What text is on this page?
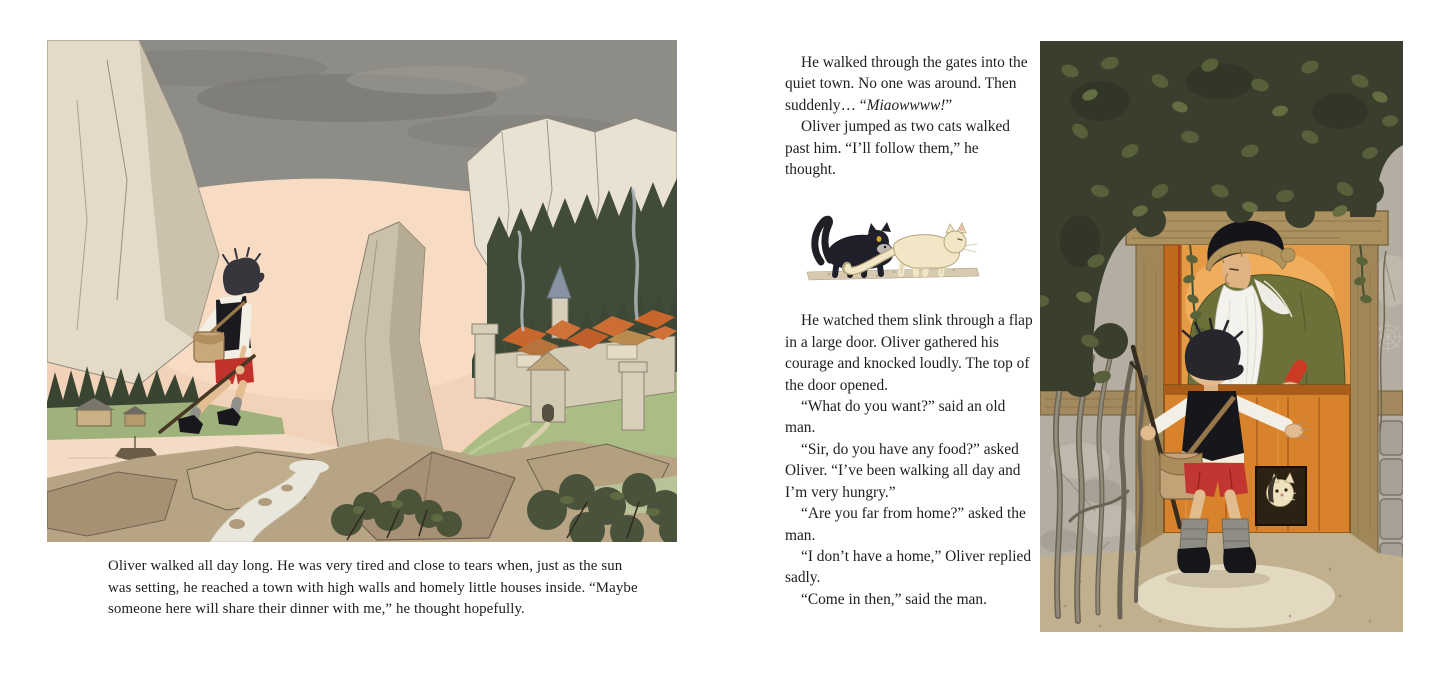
Oliver walked all day long. He was very tired and close to tears when, just as the sun was setting, he reached a town with high walls and homely little houses inside. “Maybe someone here will share their dinner with me,” he thought hopefully.

He walked through the gates into the quiet town. No one was around. Then suddenly… “Miaowwww!”

Oliver jumped as two cats walked past him. “I’ll follow them,” he thought.

He watched them slink through a flap in a large door. Oliver gathered his courage and knocked loudly. The top of the door opened.

“What do you want?” said an old man.

“Sir, do you have any food?” asked Oliver. “I’ve been walking all day and I’m very hungry.”

“Are you far from home?” asked the man.

“I don’t have a home,” Oliver replied sadly.

“Come in then,” said the man.
